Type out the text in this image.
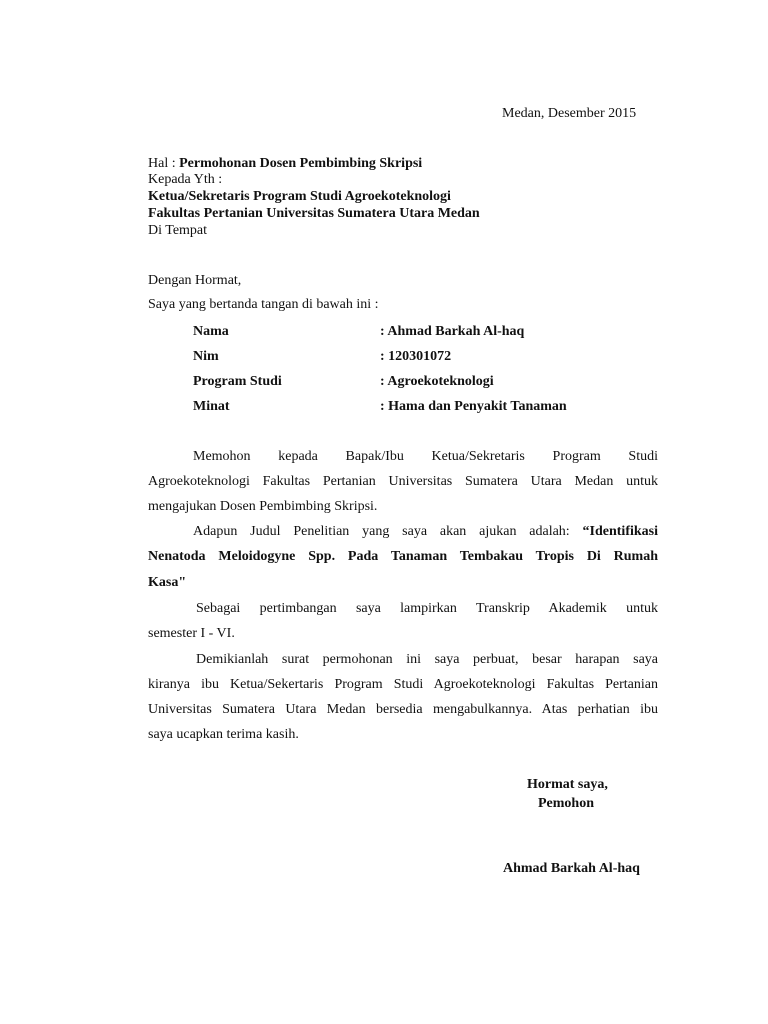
Medan, Desember 2015
Hal : Permohonan Dosen Pembimbing Skripsi
Kepada Yth :
Ketua/Sekretaris Program Studi Agroekoteknologi
Fakultas Pertanian Universitas Sumatera Utara Medan
Di Tempat
Dengan Hormat,
Saya yang bertanda tangan di bawah ini :
Nama	: Ahmad Barkah Al-haq
Nim	: 120301072
Program Studi	: Agroekoteknologi
Minat	: Hama dan Penyakit Tanaman
Memohon kepada Bapak/Ibu Ketua/Sekretaris Program Studi
Agroekoteknologi Fakultas Pertanian Universitas Sumatera Utara Medan untuk
mengajukan Dosen Pembimbing Skripsi.
Adapun Judul Penelitian yang saya akan ajukan adalah: “Identifikasi
Nenatoda Meloidogyne Spp. Pada Tanaman Tembakau Tropis Di Rumah
Kasa"
Sebagai pertimbangan saya lampirkan Transkrip Akademik untuk
semester I - VI.
Demikianlah surat permohonan ini saya perbuat, besar harapan saya
kiranya ibu Ketua/Sekertaris Program Studi Agroekoteknologi Fakultas Pertanian
Universitas Sumatera Utara Medan bersedia mengabulkannya. Atas perhatian ibu
saya ucapkan terima kasih.
Hormat saya,
Pemohon
Ahmad Barkah Al-haq
